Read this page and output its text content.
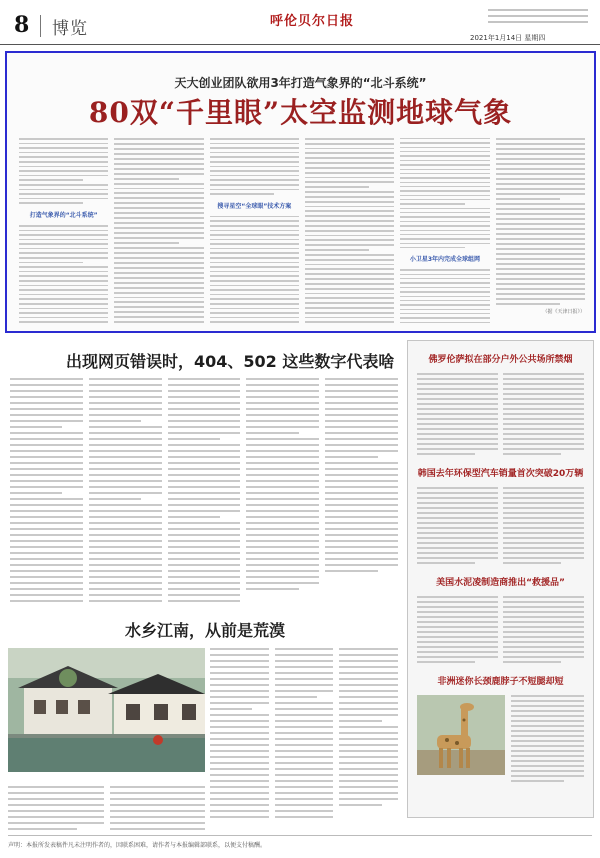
8 博览	呼伦贝尔日报
2021年1月14日 星期四
天大创业团队欲用3年打造气象界的“北斗系统”
80双“千里眼”太空监测地球气象
打造气象界的“北斗系统”
搜寻星空“全球眼”技术方案
小卫星3年内完成全球组网
（据《天津日报》）
出现网页错误时，404、502 这些数字代表啥
水乡江南，从前是荒漠

佛罗伦萨拟在部分户外公共场所禁烟
韩国去年环保型汽车销量首次突破20万辆
美国水泥凌制造商推出“救援品”
非洲迷你长颈鹿脖子不短腿却短
声明：本报所发表稿件凡未注明作者的，因联系困难，请作者与本报编辑部联系，以便支付稿酬。
